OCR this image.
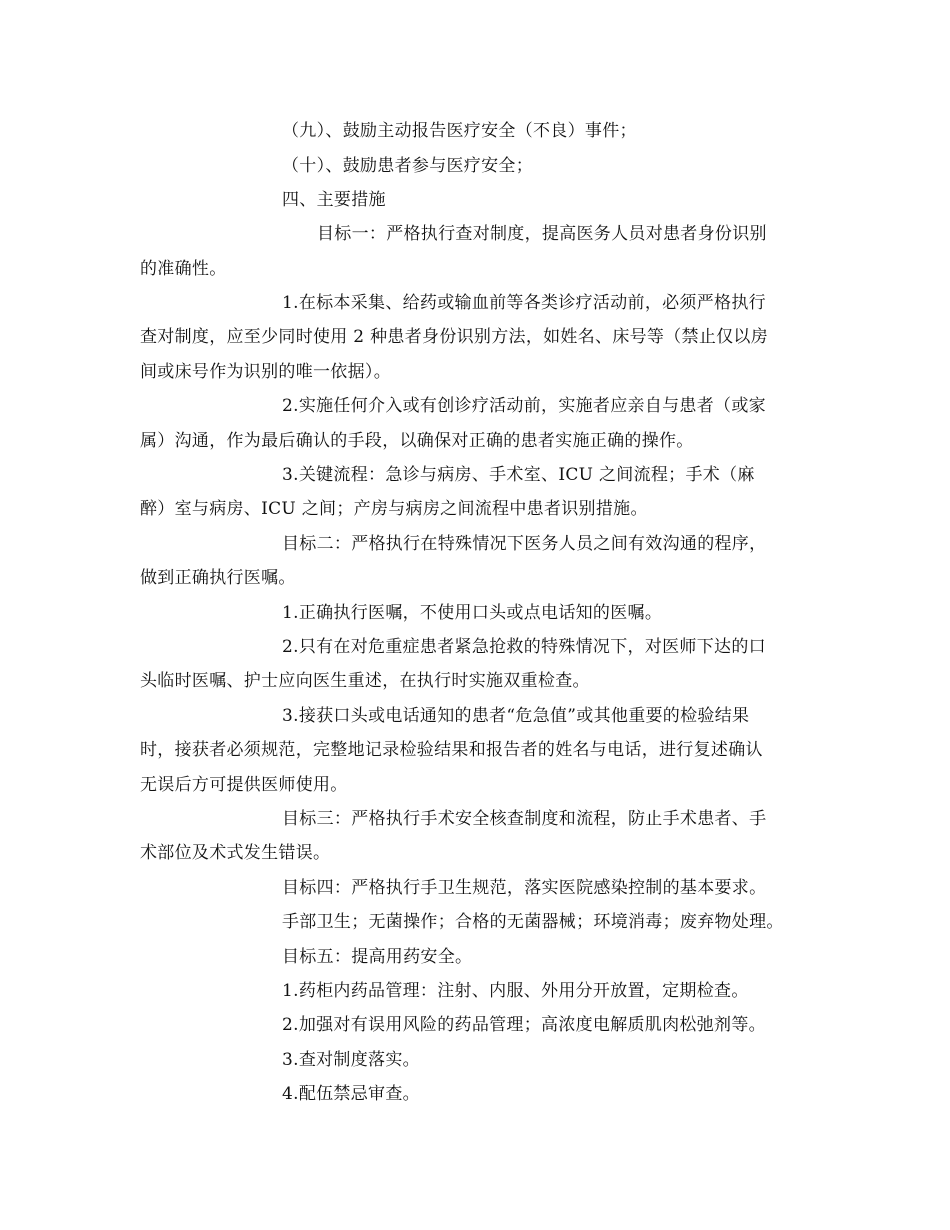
（九）、鼓励主动报告医疗安全（不良）事件；
（十）、鼓励患者参与医疗安全；
四、主要措施
目标一：严格执行查对制度，提高医务人员对患者身份识别
的准确性。
1.在标本采集、给药或输血前等各类诊疗活动前，必须严格执行
查对制度，应至少同时使用 2 种患者身份识别方法，如姓名、床号等（禁止仅以房
间或床号作为识别的唯一依据）。
2.实施任何介入或有创诊疗活动前，实施者应亲自与患者（或家
属）沟通，作为最后确认的手段，以确保对正确的患者实施正确的操作。
3.关键流程：急诊与病房、手术室、ICU 之间流程；手术（麻
醉）室与病房、ICU 之间；产房与病房之间流程中患者识别措施。
目标二：严格执行在特殊情况下医务人员之间有效沟通的程序，
做到正确执行医嘱。
1.正确执行医嘱，不使用口头或点电话知的医嘱。
2.只有在对危重症患者紧急抢救的特殊情况下，对医师下达的口
头临时医嘱、护士应向医生重述，在执行时实施双重检查。
3.接获口头或电话通知的患者“危急值”或其他重要的检验结果
时，接获者必须规范，完整地记录检验结果和报告者的姓名与电话，进行复述确认
无误后方可提供医师使用。
目标三：严格执行手术安全核查制度和流程，防止手术患者、手
术部位及术式发生错误。
目标四：严格执行手卫生规范，落实医院感染控制的基本要求。
手部卫生；无菌操作；合格的无菌器械；环境消毒；废弃物处理。
目标五：提高用药安全。
1.药柜内药品管理：注射、内服、外用分开放置，定期检查。
2.加强对有误用风险的药品管理；高浓度电解质肌肉松弛剂等。
3.查对制度落实。
4.配伍禁忌审查。
